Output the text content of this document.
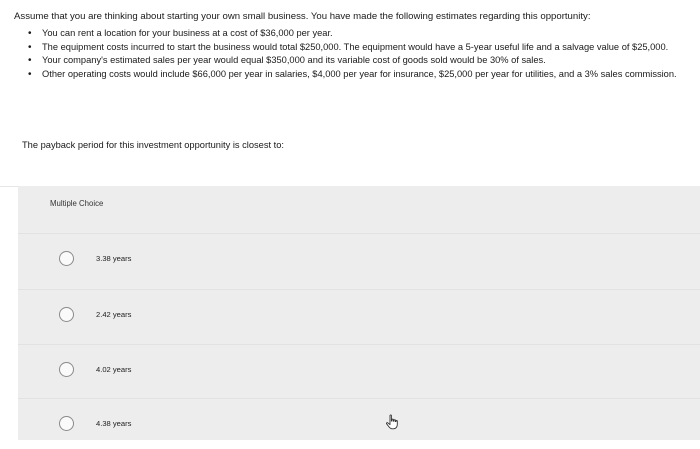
Assume that you are thinking about starting your own small business. You have made the following estimates regarding this opportunity:

• You can rent a location for your business at a cost of $36,000 per year.
• The equipment costs incurred to start the business would total $250,000. The equipment would have a 5-year useful life and a salvage value of $25,000.
• Your company's estimated sales per year would equal $350,000 and its variable cost of goods sold would be 30% of sales.
• Other operating costs would include $66,000 per year in salaries, $4,000 per year for insurance, $25,000 per year for utilities, and a 3% sales commission.

The payback period for this investment opportunity is closest to:

Multiple Choice
3.38 years
2.42 years
4.02 years
4.38 years
